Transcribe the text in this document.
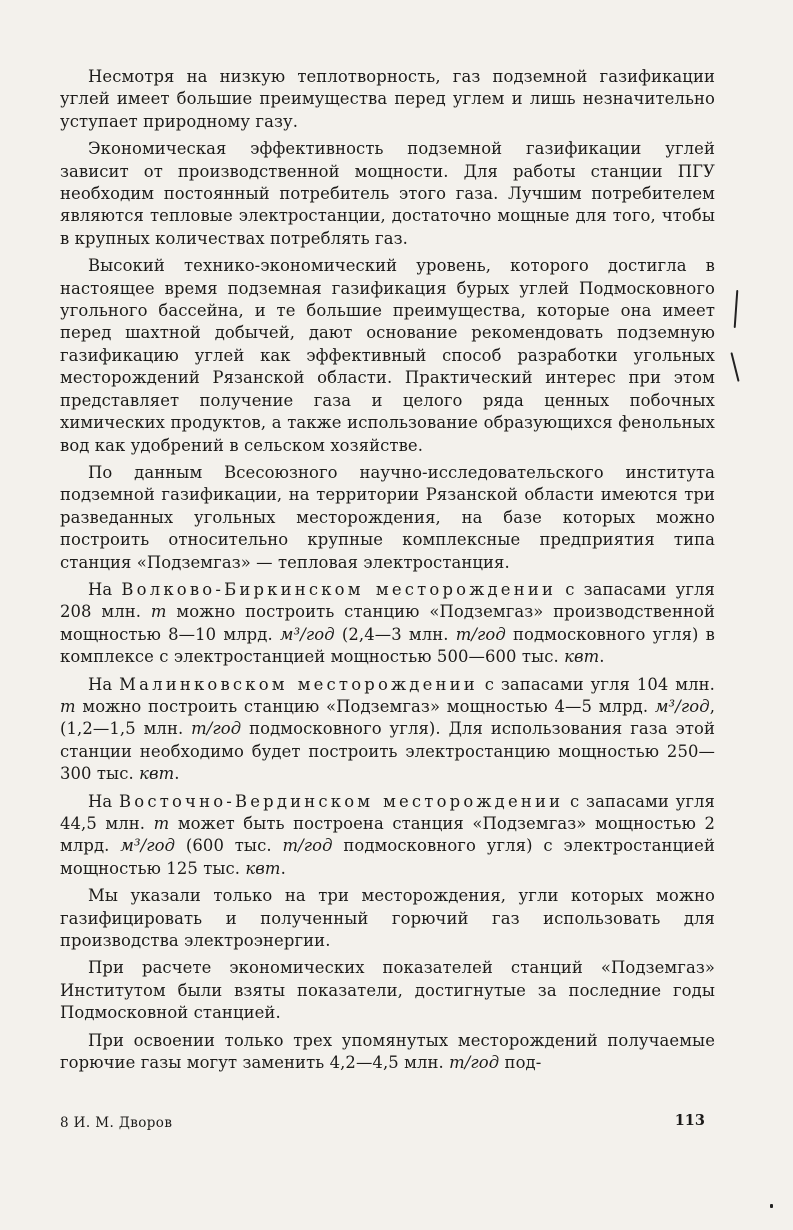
Несмотря на низкую теплотворность, газ подземной газификации углей имеет большие преимущества перед углем и лишь незначительно уступает природному газу.

Экономическая эффективность подземной газификации углей зависит от производственной мощности. Для работы станции ПГУ необходим постоянный потребитель этого газа. Лучшим потребителем являются тепловые электростанции, достаточно мощные для того, чтобы в крупных количествах потреблять газ.

Высокий технико-экономический уровень, которого достигла в настоящее время подземная газификация бурых углей Подмосковного угольного бассейна, и те большие преимущества, которые она имеет перед шахтной добычей, дают основание рекомендовать подземную газификацию углей как эффективный способ разработки угольных месторождений Рязанской области. Практический интерес при этом представляет получение газа и целого ряда ценных побочных химических продуктов, а также использование образующихся фенольных вод как удобрений в сельском хозяйстве.

По данным Всесоюзного научно-исследовательского института подземной газификации, на территории Рязанской области имеются три разведанных угольных месторождения, на базе которых можно построить относительно крупные комплексные предприятия типа станция «Подземгаз» — тепловая электростанция.

На Волково-Биркинском месторождении с запасами угля 208 млн. т можно построить станцию «Подземгаз» производственной мощностью 8—10 млрд. м³/год (2,4—3 млн. т/год подмосковного угля) в комплексе с электростанцией мощностью 500—600 тыс. квт.

На Малинковском месторождении с запасами угля 104 млн. т можно построить станцию «Подземгаз» мощностью 4—5 млрд. м³/год, (1,2—1,5 млн. т/год подмосковного угля). Для использования газа этой станции необходимо будет построить электростанцию мощностью 250—300 тыс. квт.

На Восточно-Вердинском месторождении с запасами угля 44,5 млн. т может быть построена станция «Подземгаз» мощностью 2 млрд. м³/год (600 тыс. т/год подмосковного угля) с электростанцией мощностью 125 тыс. квт.

Мы указали только на три месторождения, угли которых можно газифицировать и полученный горючий газ использовать для производства электроэнергии.

При расчете экономических показателей станций «Подземгаз» Институтом были взяты показатели, достигнутые за последние годы Подмосковной станцией.

При освоении только трех упомянутых месторождений получаемые горючие газы могут заменить 4,2—4,5 млн. т/год под-

8 И. М. Дворов	113
